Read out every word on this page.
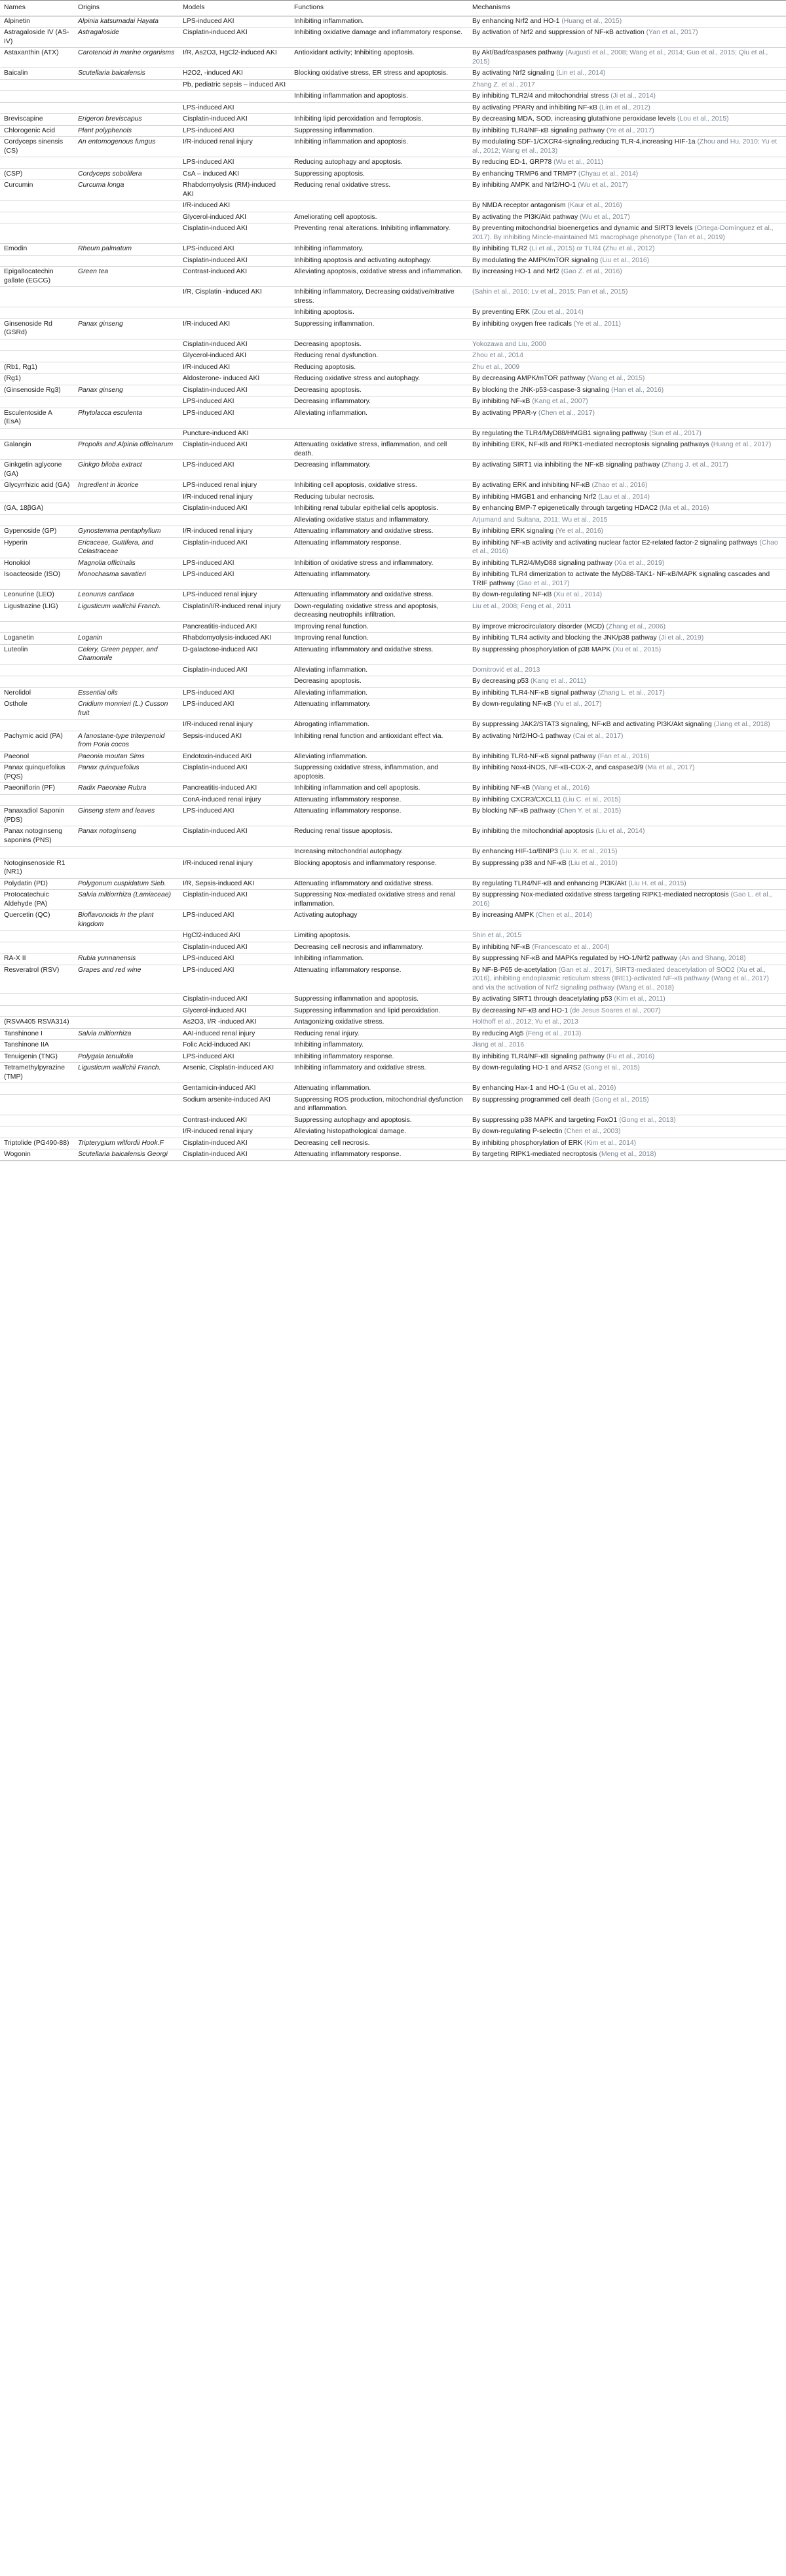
Names	Origins	Models	Functions	Mechanisms
Alpinetin	Alpinia katsumadai Hayata	LPS-induced AKI	Inhibiting inflammation.	By enhancing Nrf2 and HO-1 (Huang et al., 2015)
Astragaloside IV (AS-IV)	Astragaloside	Cisplatin-induced AKI	Inhibiting oxidative damage and inflammatory response.	By activation of Nrf2 and suppression of NF-κB activation (Yan et al., 2017)
Astaxanthin (ATX)	Carotenoid in marine organisms	I/R, As2O3, HgCl2-induced AKI	Antioxidant activity; Inhibiting apoptosis.	By Akt/Bad/caspases pathway (Augusti et al., 2008; Wang et al., 2014; Guo et al., 2015; Qiu et al., 2015)
Baicalin	Scutellaria baicalensis	H2O2, -induced AKI	Blocking oxidative stress, ER stress and apoptosis.	By activating Nrf2 signaling (Lin et al., 2014)
		Pb, pediatric sepsis – induced AKI		Zhang Z. et al., 2017
			Inhibiting inflammation and apoptosis.	By inhibiting TLR2/4 and mitochondrial stress (Ji et al., 2014)
		LPS-induced AKI		By activating PPARγ and inhibiting NF-κB (Lim et al., 2012)
Breviscapine	Erigeron breviscapus	Cisplatin-induced AKI	Inhibiting lipid peroxidation and ferroptosis.	By decreasing MDA, SOD, increasing glutathione peroxidase levels (Lou et al., 2015)
Chlorogenic Acid	Plant polyphenols	LPS-induced AKI	Suppressing inflammation.	By inhibiting TLR4/NF-κB signaling pathway (Ye et al., 2017)
Cordyceps sinensis (CS)	An entomogenous fungus	I/R-induced renal injury	Inhibiting inflammation and apoptosis.	By modulating SDF-1/CXCR4-signaling,reducing TLR-4,increasing HIF-1a (Zhou and Hu, 2010; Yu et al., 2012; Wang et al., 2013)
		LPS-induced AKI	Reducing autophagy and apoptosis.	By reducing ED-1, GRP78 (Wu et al., 2011)
(CSP)	Cordyceps sobolifera	CsA – induced AKI	Suppressing apoptosis.	By enhancing TRMP6 and TRMP7 (Chyau et al., 2014)
Curcumin	Curcuma longa	Rhabdomyolysis (RM)-induced AKI	Reducing renal oxidative stress.	By inhibiting AMPK and Nrf2/HO-1 (Wu et al., 2017)
		I/R-induced AKI		By NMDA receptor antagonism (Kaur et al., 2016)
		Glycerol-induced AKI	Ameliorating cell apoptosis.	By activating the PI3K/Akt pathway (Wu et al., 2017)
		Cisplatin-induced AKI	Preventing renal alterations. Inhibiting inflammatory.	By preventing mitochondrial bioenergetics and dynamic and SIRT3 levels (Ortega-Domínguez et al., 2017). By inhibiting Mincle-maintained M1 macrophage phenotype (Tan et al., 2019)
Emodin	Rheum palmatum	LPS-induced AKI	Inhibiting inflammatory.	By inhibiting TLR2 (Li et al., 2015) or TLR4 (Zhu et al., 2012)
		Cisplatin-induced AKI	Inhibiting apoptosis and activating autophagy.	By modulating the AMPK/mTOR signaling (Liu et al., 2016)
Epigallocatechin gallate (EGCG)	Green tea	Contrast-induced AKI	Alleviating apoptosis, oxidative stress and inflammation.	By increasing HO-1 and Nrf2 (Gao Z. et al., 2016)
		I/R, Cisplatin -induced AKI	Inhibiting inflammatory, Decreasing oxidative/nitrative stress.	(Sahin et al., 2010; Lv et al., 2015; Pan et al., 2015)
			Inhibiting apoptosis.	By preventing ERK (Zou et al., 2014)
Ginsenoside Rd (GSRd)	Panax ginseng	I/R-induced AKI	Suppressing inflammation.	By inhibiting oxygen free radicals (Ye et al., 2011)
		Cisplatin-induced AKI	Decreasing apoptosis.	Yokozawa and Liu, 2000
		Glycerol-induced AKI	Reducing renal dysfunction.	Zhou et al., 2014
(Rb1, Rg1)		I/R-induced AKI	Reducing apoptosis.	Zhu et al., 2009
(Rg1)		Aldosterone- induced AKI	Reducing oxidative stress and autophagy.	By decreasing AMPK/mTOR pathway (Wang et al., 2015)
(Ginsenoside Rg3)	Panax ginseng	Cisplatin-induced AKI	Decreasing apoptosis.	By blocking the JNK-p53-caspase-3 signaling (Han et al., 2016)
		LPS-induced AKI	Decreasing inflammatory.	By inhibiting NF-κB (Kang et al., 2007)
Esculentoside A (EsA)	Phytolacca esculenta	LPS-induced AKI	Alleviating inflammation.	By activating PPAR-γ (Chen et al., 2017)
		Puncture-induced AKI		By regulating the TLR4/MyD88/HMGB1 signaling pathway (Sun et al., 2017)
Galangin	Propolis and Alpinia officinarum	Cisplatin-induced AKI	Attenuating oxidative stress, inflammation, and cell death.	By inhibiting ERK, NF-κB and RIPK1-mediated necroptosis signaling pathways (Huang et al., 2017)
Ginkgetin aglycone (GA)	Ginkgo biloba extract	LPS-induced AKI	Decreasing inflammatory.	By activating SIRT1 via inhibiting the NF-κB signaling pathway (Zhang J. et al., 2017)
Glycyrrhizic acid (GA)	Ingredient in licorice	LPS-induced renal injury	Inhibiting cell apoptosis, oxidative stress.	By activating ERK and inhibiting NF-κB (Zhao et al., 2016)
		I/R-induced renal injury	Reducing tubular necrosis.	By inhibiting HMGB1 and enhancing Nrf2 (Lau et al., 2014)
(GA, 18βGA)		Cisplatin-induced AKI	Inhibiting renal tubular epithelial cells apoptosis.	By enhancing BMP-7 epigenetically through targeting HDAC2 (Ma et al., 2016)
			Alleviating oxidative status and inflammatory.	Arjumand and Sultana, 2011; Wu et al., 2015
Gypenoside (GP)	Gynostemma pentaphyllum	I/R-induced renal injury	Attenuating inflammatory and oxidative stress.	By inhibiting ERK signaling (Ye et al., 2016)
Hyperin	Ericaceae, Guttifera, and Celastraceae	Cisplatin-induced AKI	Attenuating inflammatory response.	By inhibiting NF-κB activity and activating nuclear factor E2-related factor-2 signaling pathways (Chao et al., 2016)
Honokiol	Magnolia officinalis	LPS-induced AKI	Inhibition of oxidative stress and inflammatory.	By inhibiting TLR2/4/MyD88 signaling pathway (Xia et al., 2019)
Isoacteoside (ISO)	Monochasma savatieri	LPS-induced AKI	Attenuating inflammatory.	By inhibiting TLR4 dimerization to activate the MyD88-TAK1- NF-κB/MAPK signaling cascades and TRIF pathway (Gao et al., 2017)
Leonurine (LEO)	Leonurus cardiaca	LPS-induced renal injury	Attenuating inflammatory and oxidative stress.	By down-regulating NF-κB (Xu et al., 2014)
Ligustrazine (LIG)	Ligusticum wallichii Franch.	Cisplatin/I/R-induced renal injury	Down-regulating oxidative stress and apoptosis, decreasing neutrophils infiltration.	Liu et al., 2008; Feng et al., 2011
		Pancreatitis-induced AKI	Improving renal function.	By improve microcirculatory disorder (MCD) (Zhang et al., 2006)
Loganetin	Loganin	Rhabdomyolysis-induced AKI	Improving renal function.	By inhibiting TLR4 activity and blocking the JNK/p38 pathway (Ji et al., 2019)
Luteolin	Celery, Green pepper, and Chamomile	D-galactose-induced AKI	Attenuating inflammatory and oxidative stress.	By suppressing phosphorylation of p38 MAPK (Xu et al., 2015)
		Cisplatin-induced AKI	Alleviating inflammation.	Domitrović et al., 2013
			Decreasing apoptosis.	By decreasing p53 (Kang et al., 2011)
Nerolidol	Essential oils	LPS-induced AKI	Alleviating inflammation.	By inhibiting TLR4-NF-κB signal pathway (Zhang L. et al., 2017)
Osthole	Cnidium monnieri (L.) Cusson fruit	LPS-induced AKI	Attenuating inflammatory.	By down-regulating NF-κB (Yu et al., 2017)
		I/R-induced renal injury	Abrogating inflammation.	By suppressing JAK2/STAT3 signaling, NF-κB and activating PI3K/Akt signaling (Jiang et al., 2018)
Pachymic acid (PA)	A lanostane-type triterpenoid from Poria cocos	Sepsis-induced AKI	Inhibiting renal function and antioxidant effect via.	By activating Nrf2/HO-1 pathway (Cai et al., 2017)
Paeonol	Paeonia moutan Sims	Endotoxin-induced AKI	Alleviating inflammation.	By inhibiting TLR4-NF-κB signal pathway (Fan et al., 2016)
Panax quinquefolius (PQS)	Panax quinquefolius	Cisplatin-induced AKI	Suppressing oxidative stress, inflammation, and apoptosis.	By inhibiting Nox4-iNOS, NF-κB-COX-2, and caspase3/9 (Ma et al., 2017)
Paeoniflorin (PF)	Radix Paeoniae Rubra	Pancreatitis-induced AKI	Inhibiting inflammation and cell apoptosis.	By inhibiting NF-κB (Wang et al., 2016)
		ConA-induced renal injury	Attenuating inflammatory response.	By inhibiting CXCR3/CXCL11 (Liu C. et al., 2015)
Panaxadiol Saponin (PDS)	Ginseng stem and leaves	LPS-induced AKI	Attenuating inflammatory response.	By blocking NF-κB pathway (Chen Y. et al., 2015)
Panax notoginseng saponins (PNS)	Panax notoginseng	Cisplatin-induced AKI	Reducing renal tissue apoptosis.	By inhibiting the mitochondrial apoptosis (Liu et al., 2014)
			Increasing mitochondrial autophagy.	By enhancing HIF-1α/BNIP3 (Liu X. et al., 2015)
Notoginsenoside R1 (NR1)		I/R-induced renal injury	Blocking apoptosis and inflammatory response.	By suppressing p38 and NF-κB (Liu et al., 2010)
Polydatin (PD)	Polygonum cuspidatum Sieb.	I/R, Sepsis-induced AKI	Attenuating inflammatory and oxidative stress.	By regulating TLR4/NF-κB and enhancing PI3K/Akt (Liu H. et al., 2015)
Protocatechuic Aldehyde (PA)	Salvia miltiorrhiza (Lamiaceae)	Cisplatin-induced AKI	Suppressing Nox-mediated oxidative stress and renal inflammation.	By suppressing Nox-mediated oxidative stress targeting RIPK1-mediated necroptosis (Gao L. et al., 2016)
Quercetin (QC)	Bioflavonoids in the plant kingdom	LPS-induced AKI	Activating autophagy	By increasing AMPK (Chen et al., 2014)
		HgCl2-induced AKI	Limiting apoptosis.	Shin et al., 2015
		Cisplatin-induced AKI	Decreasing cell necrosis and inflammatory.	By inhibiting NF-κB (Francescato et al., 2004)
RA-X II	Rubia yunnanensis	LPS-induced AKI	Inhibiting inflammation.	By suppressing NF-κB and MAPKs regulated by HO-1/Nrf2 pathway (An and Shang, 2018)
Resveratrol (RSV)	Grapes and red wine	LPS-induced AKI	Attenuating inflammatory response.	By NF-B-P65 de-acetylation (Gan et al., 2017), SIRT3-mediated deacetylation of SOD2 (Xu et al., 2016), inhibiting endoplasmic reticulum stress (IRE1)-activated NF-κB pathway (Wang et al., 2017) and via the activation of Nrf2 signaling pathway (Wang et al., 2018)
		Cisplatin-induced AKI	Suppressing inflammation and apoptosis.	By activating SIRT1 through deacetylating p53 (Kim et al., 2011)
		Glycerol-induced AKI	Suppressing inflammation and lipid peroxidation.	By decreasing NF-κB and HO-1 (de Jesus Soares et al., 2007)
(RSVA405 RSVA314)		As2O3, I/R -induced AKI	Antagonizing oxidative stress.	Holthoff et al., 2012; Yu et al., 2013
Tanshinone I	Salvia miltiorrhiza	AAI-induced renal injury	Reducing renal injury.	By reducing Atg5 (Feng et al., 2013)
Tanshinone IIA		Folic Acid-induced AKI	Inhibiting inflammatory.	Jiang et al., 2016
Tenuigenin (TNG)	Polygala tenuifolia	LPS-induced AKI	Inhibiting inflammatory response.	By inhibiting TLR4/NF-κB signaling pathway (Fu et al., 2016)
Tetramethylpyrazine (TMP)	Ligusticum wallichii Franch.	Arsenic, Cisplatin-induced AKI	Inhibiting inflammatory and oxidative stress.	By down-regulating HO-1 and ARS2 (Gong et al., 2015)
		Gentamicin-induced AKI	Attenuating inflammation.	By enhancing Hax-1 and HO-1 (Gu et al., 2016)
		Sodium arsenite-induced AKI	Suppressing ROS production, mitochondrial dysfunction and inflammation.	By suppressing programmed cell death (Gong et al., 2015)
		Contrast-induced AKI	Suppressing autophagy and apoptosis.	By suppressing p38 MAPK and targeting FoxO1 (Gong et al., 2013)
		I/R-induced renal injury	Alleviating histopathological damage.	By down-regulating P-selectin (Chen et al., 2003)
Triptolide (PG490-88)	Tripterygium wilfordii Hook.F	Cisplatin-induced AKI	Decreasing cell necrosis.	By inhibiting phosphorylation of ERK (Kim et al., 2014)
Wogonin	Scutellaria baicalensis Georgi	Cisplatin-induced AKI	Attenuating inflammatory response.	By targeting RIPK1-mediated necroptosis (Meng et al., 2018)
